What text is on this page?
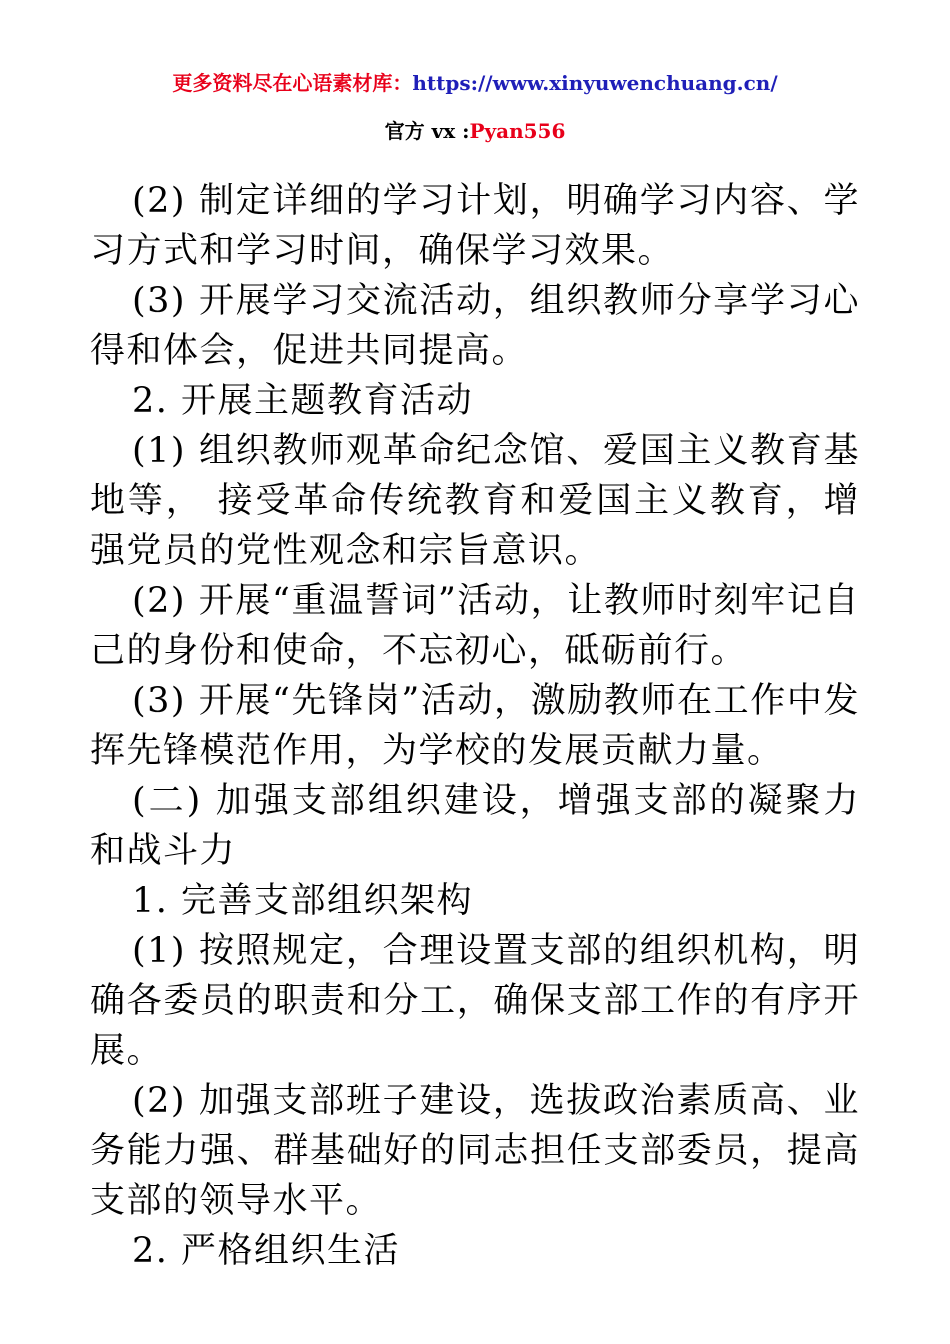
更多资料尽在心语素材库：https://www.xinyuwenchuang.cn/
官方 vx :Pyan556

(2) 制定详细的学习计划，明确学习内容、学习方式和学习时间，确保学习效果。

(3) 开展学习交流活动，组织教师分享学习心得和体会，促进共同提高。

2. 开展主题教育活动

(1) 组织教师观革命纪念馆、爱国主义教育基地等， 接受革命传统教育和爱国主义教育，增强党员的党性观念和宗旨意识。

(2) 开展“重温誓词”活动，让教师时刻牢记自己的身份和使命，不忘初心，砥砺前行。

(3) 开展“先锋岗”活动，激励教师在工作中发挥先锋模范作用，为学校的发展贡献力量。

(二) 加强支部组织建设，增强支部的凝聚力和战斗力

1. 完善支部组织架构

(1) 按照规定，合理设置支部的组织机构，明确各委员的职责和分工，确保支部工作的有序开展。

(2) 加强支部班子建设，选拔政治素质高、业务能力强、群基础好的同志担任支部委员，提高支部的领导水平。

2. 严格组织生活
